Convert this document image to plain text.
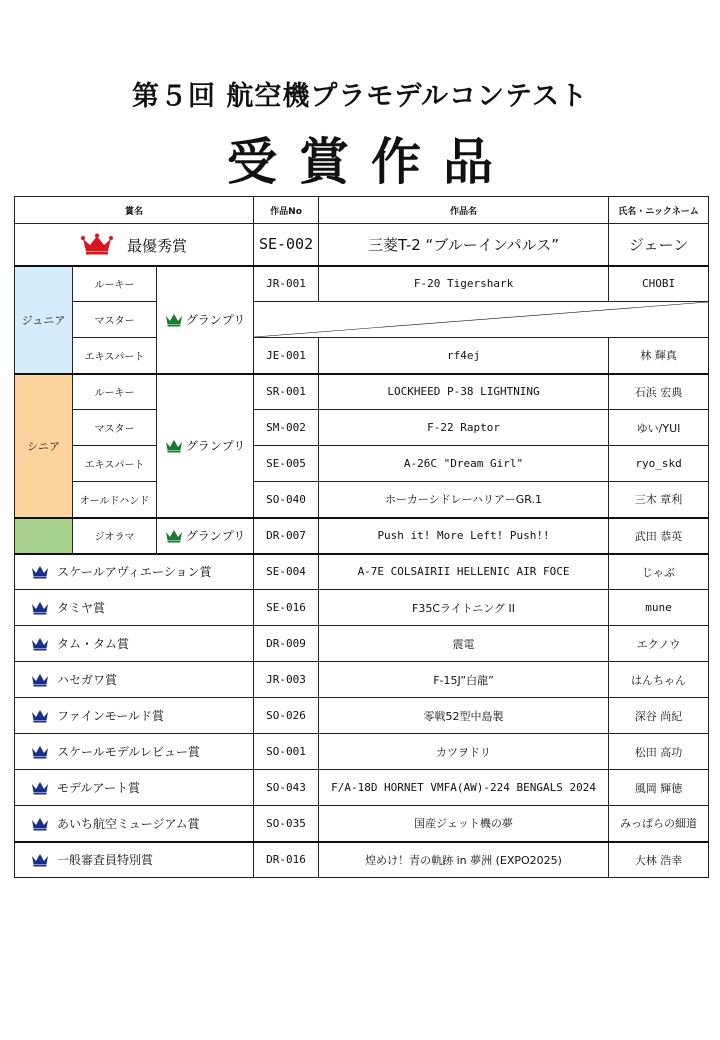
第５回 航空機プラモデルコンテスト
受賞作品
賞名			作品No	作品名	氏名・ニックネーム
最優秀賞			SE-002	三菱T-2 “ブルーインパルス”	ジェーン
ジュニア	ルーキー	グランプリ	JR-001	F-20 Tigershark	CHOBI
	マスター	

	エキスパート		JE-001	rf4ej	林 輝真
シニア	ルーキー	グランプリ	SR-001	LOCKHEED P-38 LIGHTNING	石浜 宏典
	マスター		SM-002	F-22 Raptor	ゆい/YUI
	エキスパート		SE-005	A-26C "Dream Girl"	ryo_skd
	オールドハンド		SO-040	ホーカーシドレーハリアーGR.1	三木 章利
	ジオラマ	グランプリ	DR-007	Push it! More Left! Push!!	武田 恭英
スケールアヴィエーション賞			SE-004	A-7E COLSAIRII HELLENIC AIR FOCE	じゃぶ
タミヤ賞			SE-016	F35Cライトニング II	mune
タム・タム賞			DR-009	震電	エクノウ
ハセガワ賞			JR-003	F-15J”白龍”	はんちゃん
ファインモールド賞			SO-026	零戦52型中島製	深谷 尚紀
スケールモデルレビュー賞			SO-001	カツヲドリ	松田 高功
モデルアート賞			SO-043	F/A-18D HORNET VMFA(AW)-224 BENGALS 2024	風岡 輝徳
あいち航空ミュージアム賞			SO-035	国産ジェット機の夢	みっぱらの細道
一般審査員特別賞			DR-016	煌めけ！青の軌跡 in 夢洲 (EXPO2025)	大林 浩幸
